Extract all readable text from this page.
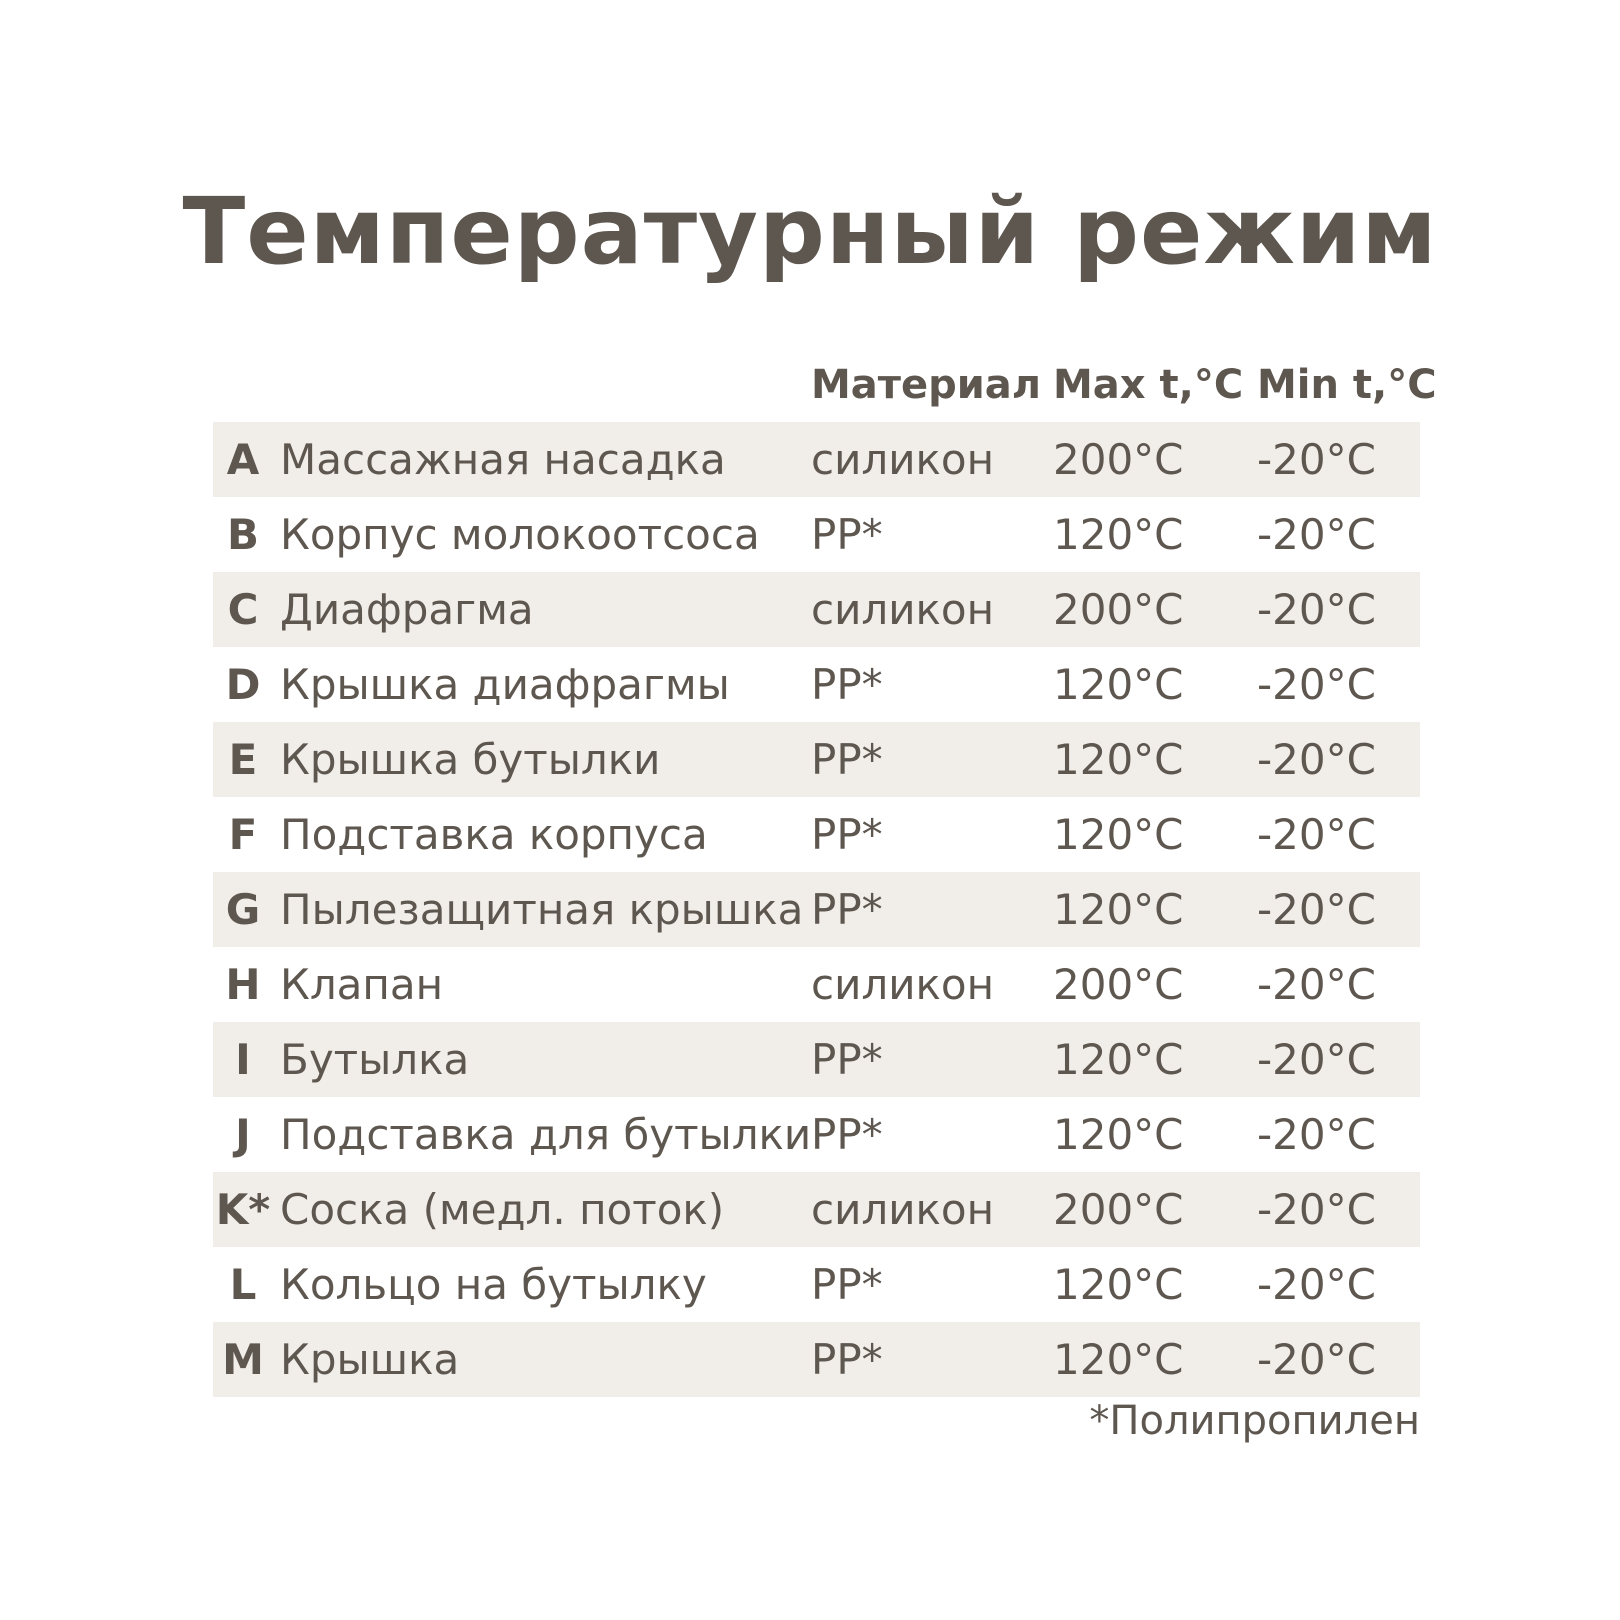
Температурный режим
Материал Max t,°C Min t,°C
A Массажная насадка силикон 200°C -20°C
B Корпус молокоотсоса PP*	120°C -20°C
C Диафрагма	силикон 200°C -20°C
D Крышка диафрагмы PP*	120°C -20°C
E Крышка бутылки	PP*	120°C -20°C
F Подставка корпуса PP*	120°C -20°C
G Пылезащитная крышка PP*	120°C -20°C
H Клапан	силикон 200°C -20°C
I Бутылка	PP*	120°C -20°C
J Подставка для бутылки PP*	120°C -20°C
K* Соска (медл. поток) силикон 200°C -20°C
L Кольцо на бутылку PP*	120°C -20°C
M Крышка	PP*	120°C -20°C
*Полипропилен
